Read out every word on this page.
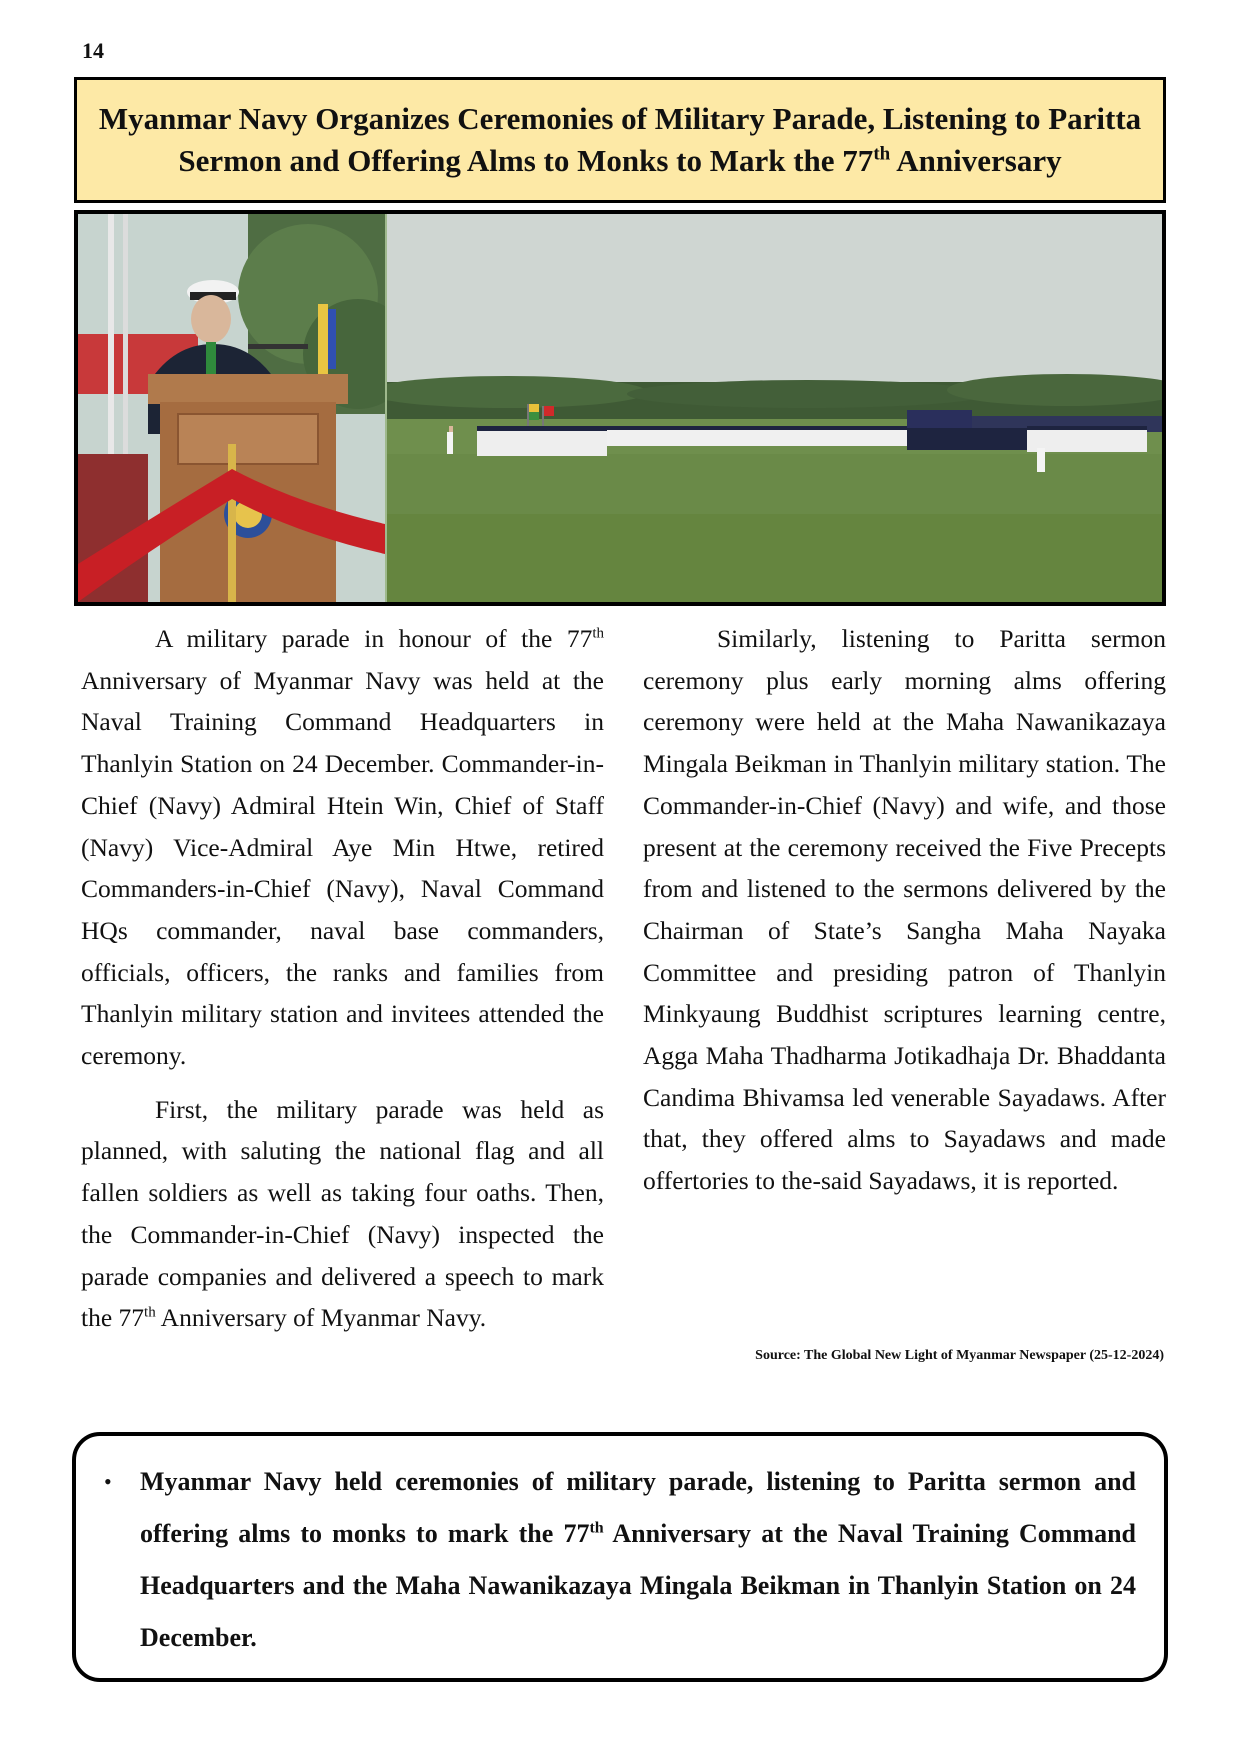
14
Myanmar Navy Organizes Ceremonies of Military Parade, Listening to Paritta
Sermon and Offering Alms to Monks to Mark the 77th Anniversary

A military parade in honour of the 77th Anniversary of Myanmar Navy was held at the Naval Training Command Headquarters in Thanlyin Station on 24 December. Commander-in-Chief (Navy) Admiral Htein Win, Chief of Staff (Navy) Vice-Admiral Aye Min Htwe, retired Commanders-in-Chief (Navy), Naval Command HQs commander, naval base commanders, officials, officers, the ranks and families from Thanlyin military station and invitees attended the ceremony.

First, the military parade was held as planned, with saluting the national flag and all fallen soldiers as well as taking four oaths. Then, the Commander-in-Chief (Navy) inspected the parade companies and delivered a speech to mark the 77th Anniversary of Myanmar Navy.

Similarly, listening to Paritta sermon ceremony plus early morning alms offering ceremony were held at the Maha Nawanikazaya Mingala Beikman in Thanlyin military station. The Commander-in-Chief (Navy) and wife, and those present at the ceremony received the Five Precepts from and listened to the sermons delivered by the Chairman of State’s Sangha Maha Nayaka Committee and presiding patron of Thanlyin Minkyaung Buddhist scriptures learning centre, Agga Maha Thadharma Jotikadhaja Dr. Bhaddanta Candima Bhivamsa led venerable Sayadaws. After that, they offered alms to Sayadaws and made offertories to the-said Sayadaws, it is reported.

Source: The Global New Light of Myanmar Newspaper (25-12-2024)
•	Myanmar Navy held ceremonies of military parade, listening to Paritta sermon and offering alms to monks to mark the 77th Anniversary at the Naval Training Command Headquarters and the Maha Nawanikazaya Mingala Beikman in Thanlyin Station on 24 December.
